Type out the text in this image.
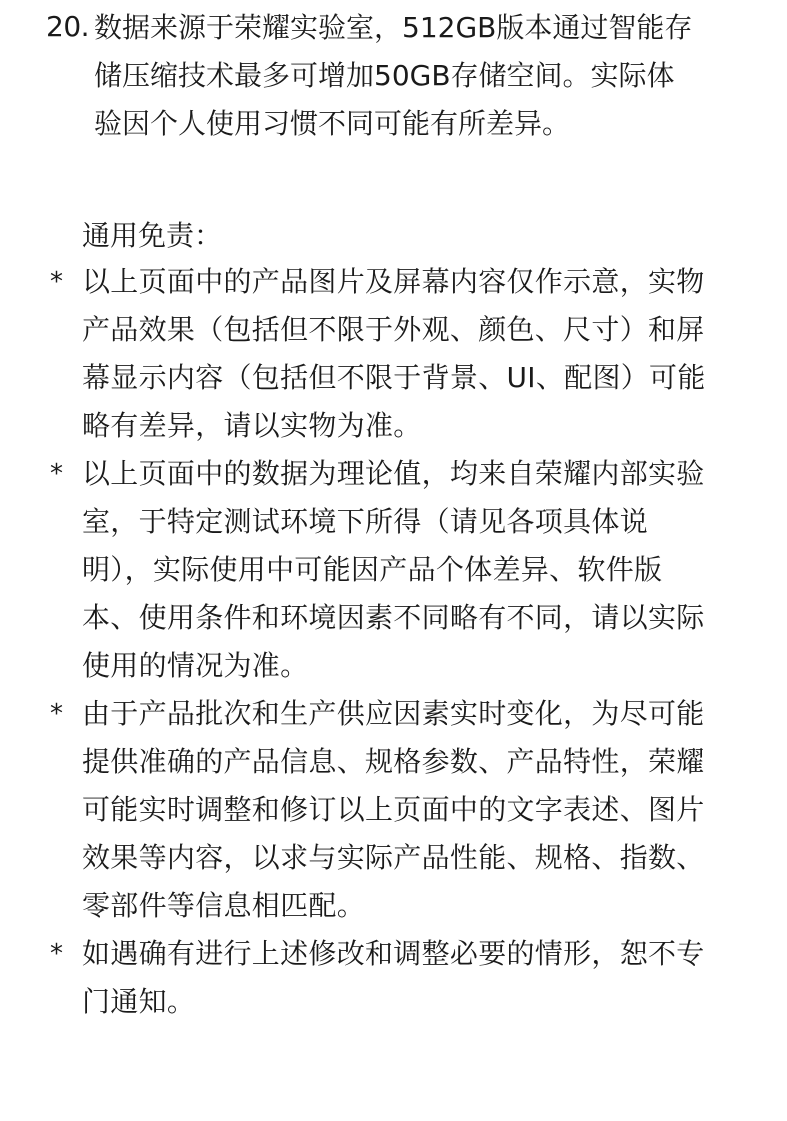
20. 数据来源于荣耀实验室，512GB版本通过智能存
储压缩技术最多可增加50GB存储空间。实际体
验因个人使用习惯不同可能有所差异。
通用免责：
* 以上页面中的产品图片及屏幕内容仅作示意，实物
产品效果（包括但不限于外观、颜色、尺寸）和屏
幕显示内容（包括但不限于背景、UI、配图）可能
略有差异，请以实物为准。
* 以上页面中的数据为理论值，均来自荣耀内部实验
室，于特定测试环境下所得（请见各项具体说
明），实际使用中可能因产品个体差异、软件版
本、使用条件和环境因素不同略有不同，请以实际
使用的情况为准。
* 由于产品批次和生产供应因素实时变化，为尽可能
提供准确的产品信息、规格参数、产品特性，荣耀
可能实时调整和修订以上页面中的文字表述、图片
效果等内容，以求与实际产品性能、规格、指数、
零部件等信息相匹配。
* 如遇确有进行上述修改和调整必要的情形，恕不专
门通知。
